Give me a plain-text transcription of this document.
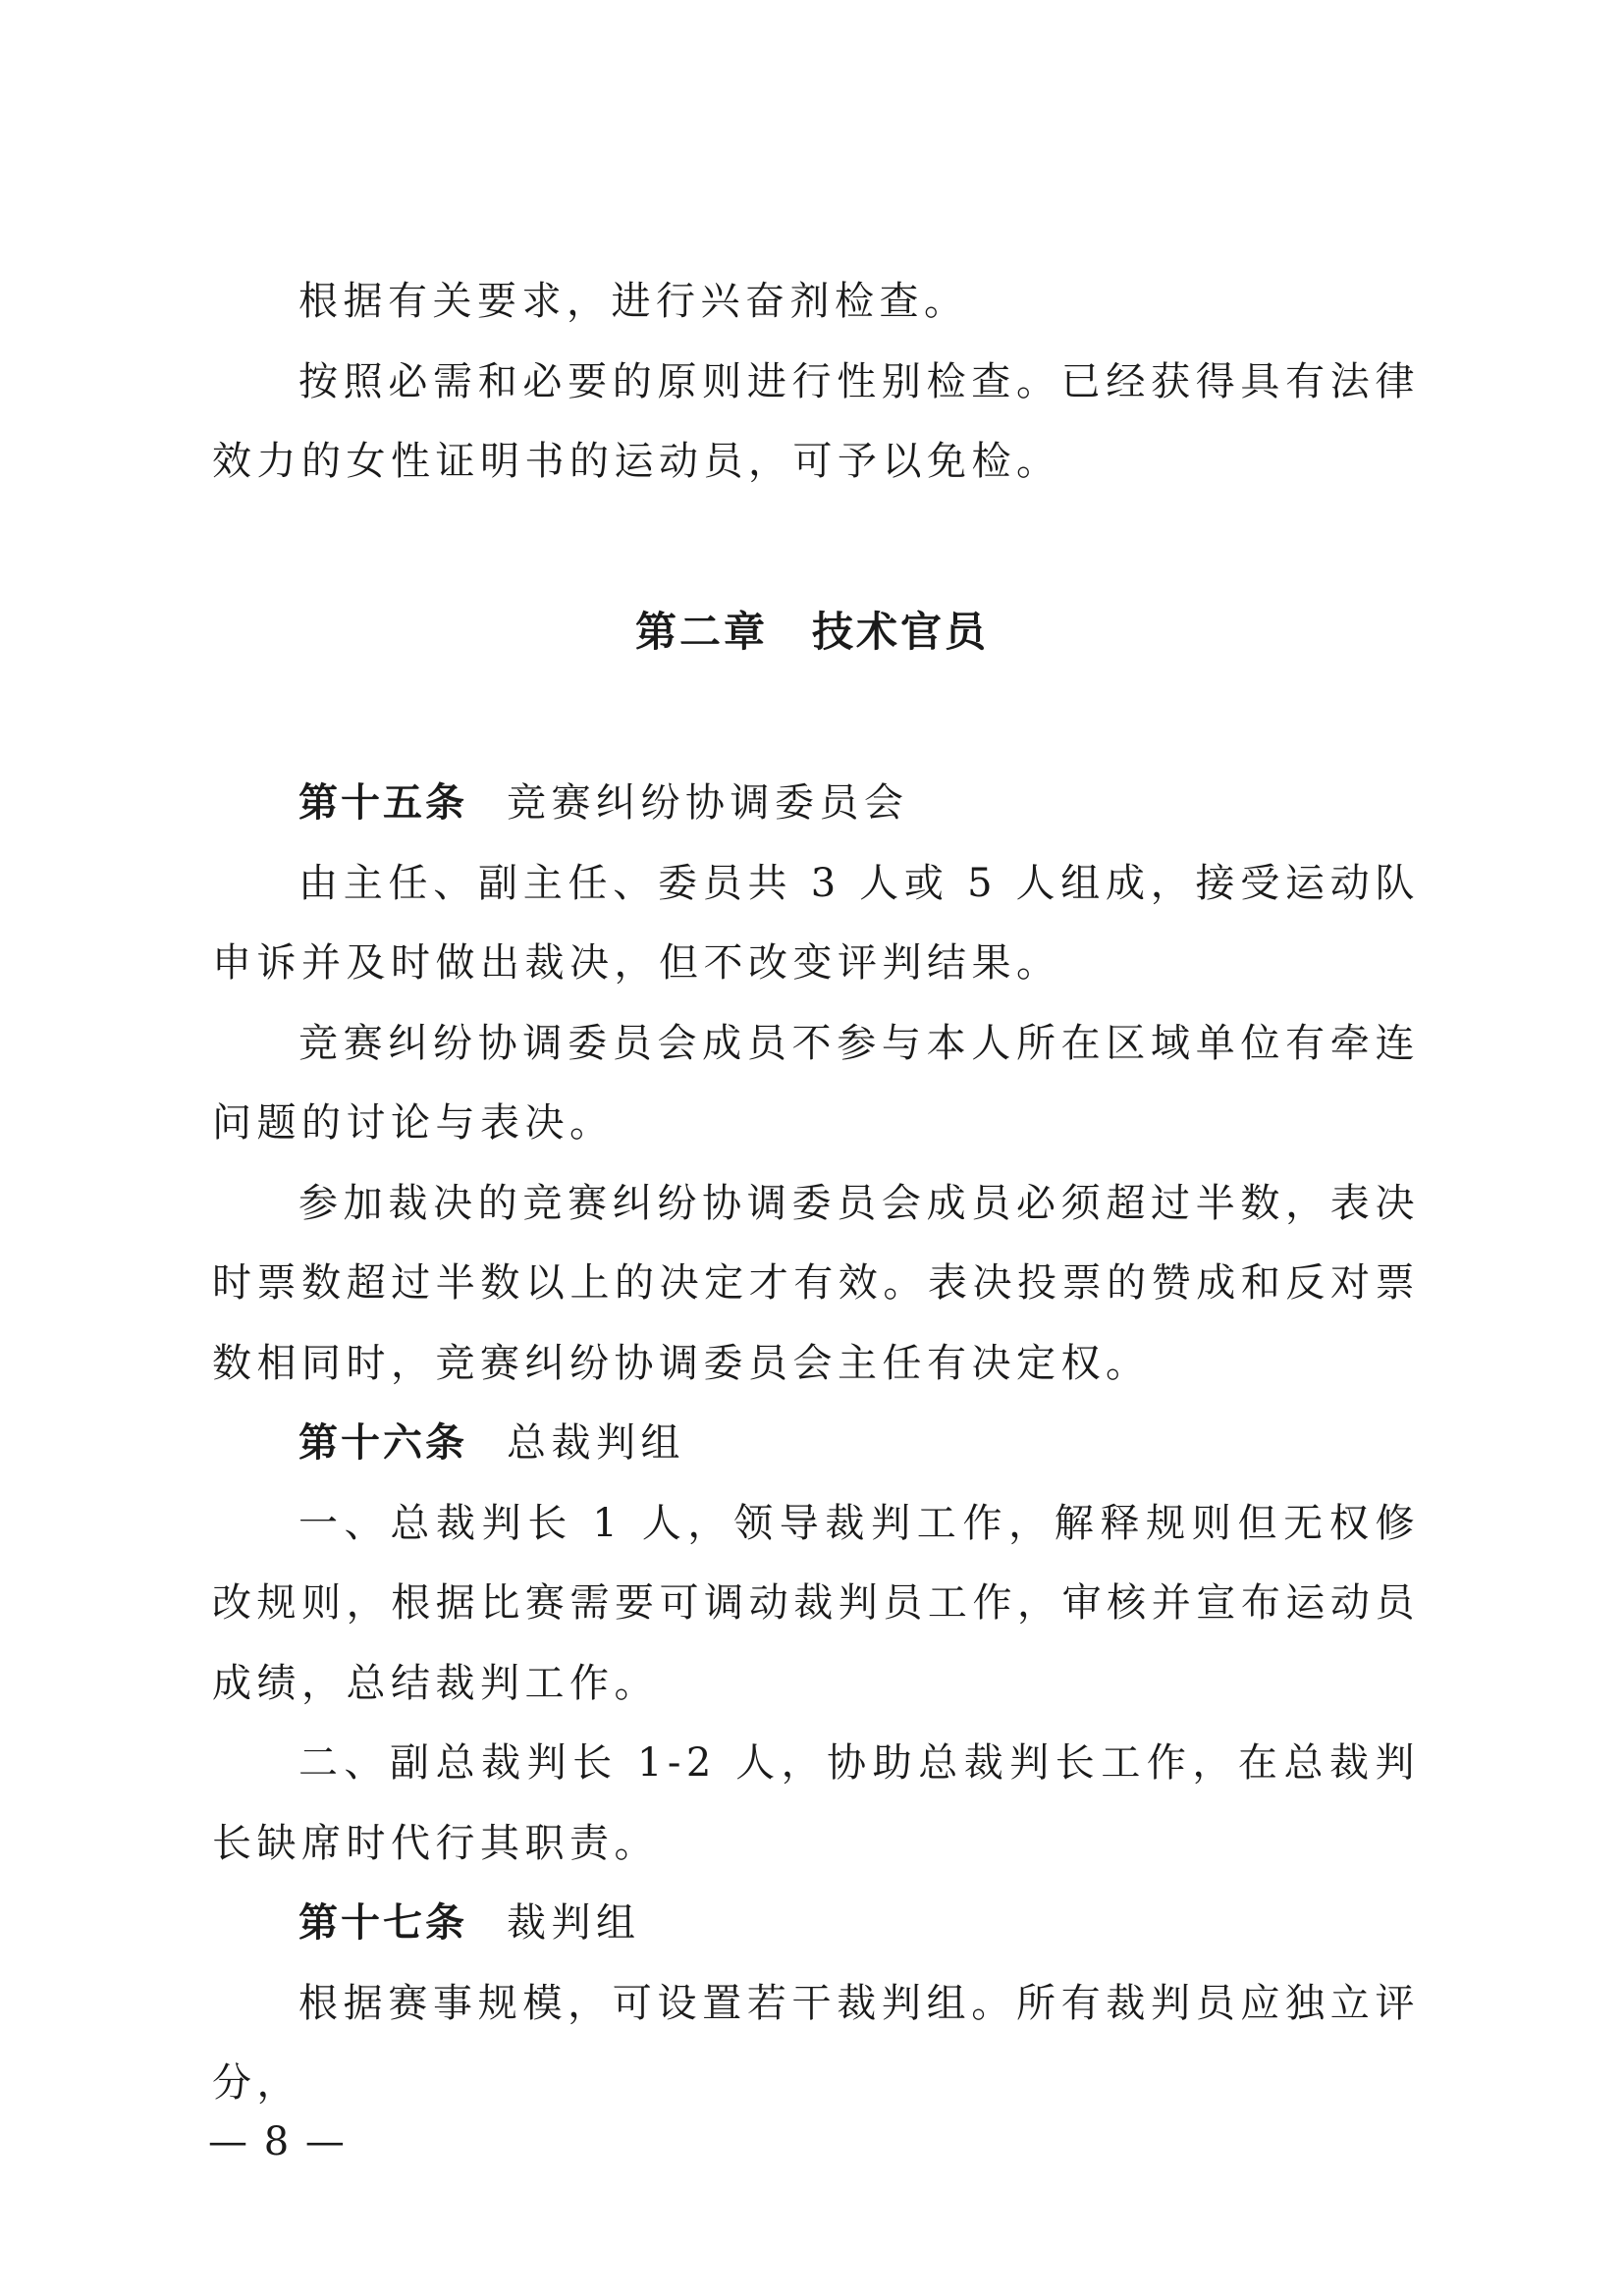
根据有关要求，进行兴奋剂检查。

按照必需和必要的原则进行性别检查。已经获得具有法律效力的女性证明书的运动员，可予以免检。

第二章　技术官员

第十五条 竞赛纠纷协调委员会

由主任、副主任、委员共 3 人或 5 人组成，接受运动队申诉并及时做出裁决，但不改变评判结果。

竞赛纠纷协调委员会成员不参与本人所在区域单位有牵连问题的讨论与表决。

参加裁决的竞赛纠纷协调委员会成员必须超过半数，表决时票数超过半数以上的决定才有效。表决投票的赞成和反对票数相同时，竞赛纠纷协调委员会主任有决定权。

第十六条 总裁判组

一、总裁判长 1 人，领导裁判工作，解释规则但无权修改规则，根据比赛需要可调动裁判员工作，审核并宣布运动员成绩，总结裁判工作。

二、副总裁判长 1-2 人，协助总裁判长工作，在总裁判长缺席时代行其职责。

第十七条 裁判组

根据赛事规模，可设置若干裁判组。所有裁判员应独立评分，

— 8 —
